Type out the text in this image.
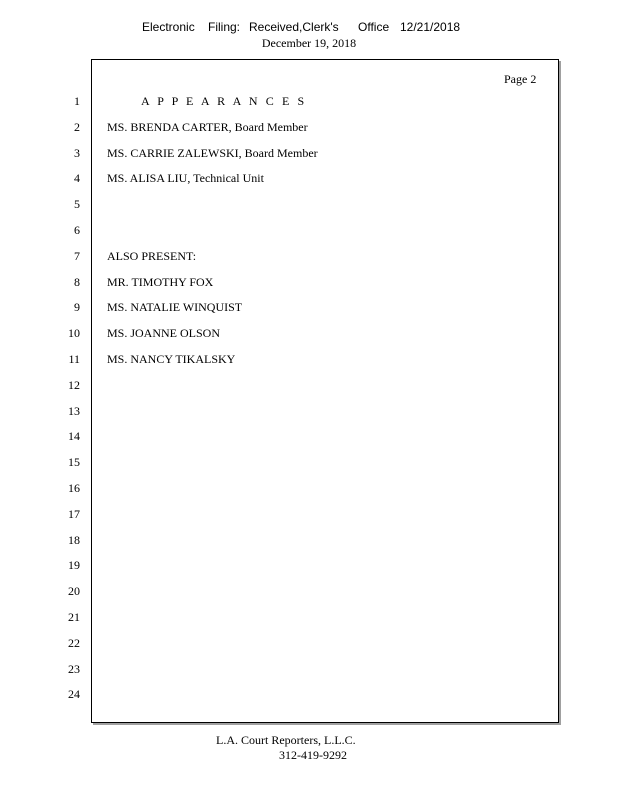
Electronic Filing: Received,Clerk's Office 12/21/2018
December 19, 2018
Page 2
1	A P P E A R A N C E S
2 MS. BRENDA CARTER, Board Member
3 MS. CARRIE ZALEWSKI, Board Member
4 MS. ALISA LIU, Technical Unit
5
6
7 ALSO PRESENT:
8 MR. TIMOTHY FOX
9 MS. NATALIE WINQUIST
10 MS. JOANNE OLSON
11 MS. NANCY TIKALSKY
12
13
14
15
16
17
18
19
20
21
22
23
24
L.A. Court Reporters, L.L.C.
312-419-9292
